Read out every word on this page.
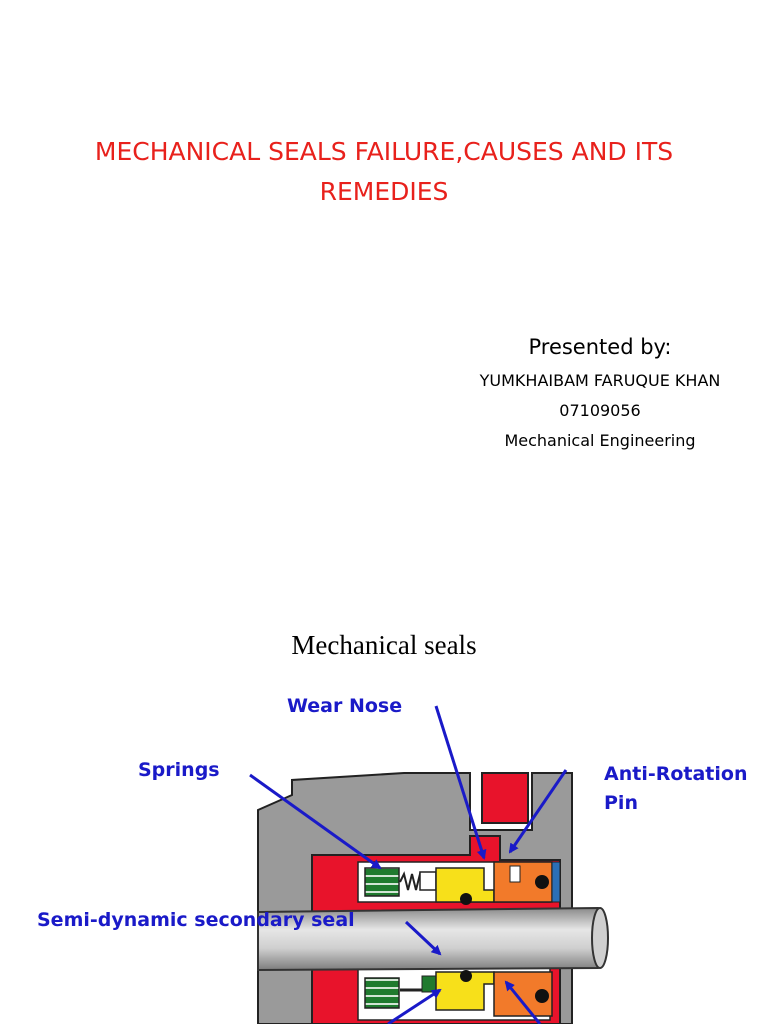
MECHANICAL SEALS FAILURE,CAUSES AND ITS
REMEDIES
Presented by:
YUMKHAIBAM FARUQUE KHAN
07109056
Mechanical Engineering
Mechanical seals
Wear Nose
Springs	Anti-Rotation
Pin
Semi-dynamic secondary seal
